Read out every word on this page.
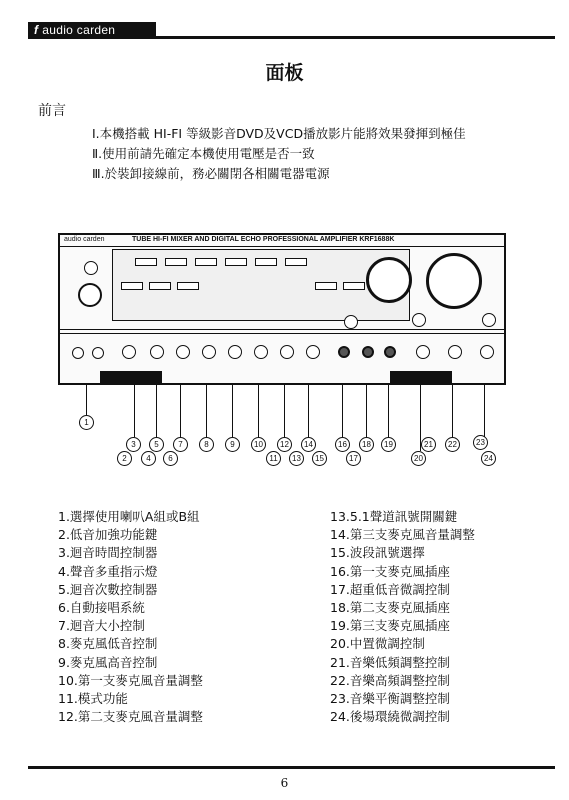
f audio carden
面板
前言
Ⅰ.本機搭載 HI-FI 等級影音DVD及VCD播放影片能將效果發揮到極佳
Ⅱ.使用前請先確定本機使用電壓是否一致
Ⅲ.於裝卸接線前，務必關閉各相關電器電源
audio carden	TUBE HI-FI MIXER AND DIGITAL ECHO PROFESSIONAL AMPLIFIER KRF1688K
1
2
3
4
5
6
7	8	9	10
11
12
13
14
15
16
17
18	19
20
21	22	23
24
1.選擇使用喇叭A組或B組
2.低音加強功能鍵
3.迴音時間控制器
4.聲音多重指示燈
5.迴音次數控制器
6.自動接唱系統
7.迴音大小控制
8.麥克風低音控制
9.麥克風高音控制
10.第一支麥克風音量調整
11.模式功能
12.第二支麥克風音量調整
13.5.1聲道訊號開關鍵
14.第三支麥克風音量調整
15.波段訊號選擇
16.第一支麥克風插座
17.超重低音微調控制
18.第二支麥克風插座
19.第三支麥克風插座
20.中置微調控制
21.音樂低頻調整控制
22.音樂高頻調整控制
23.音樂平衡調整控制
24.後場環繞微調控制
6
